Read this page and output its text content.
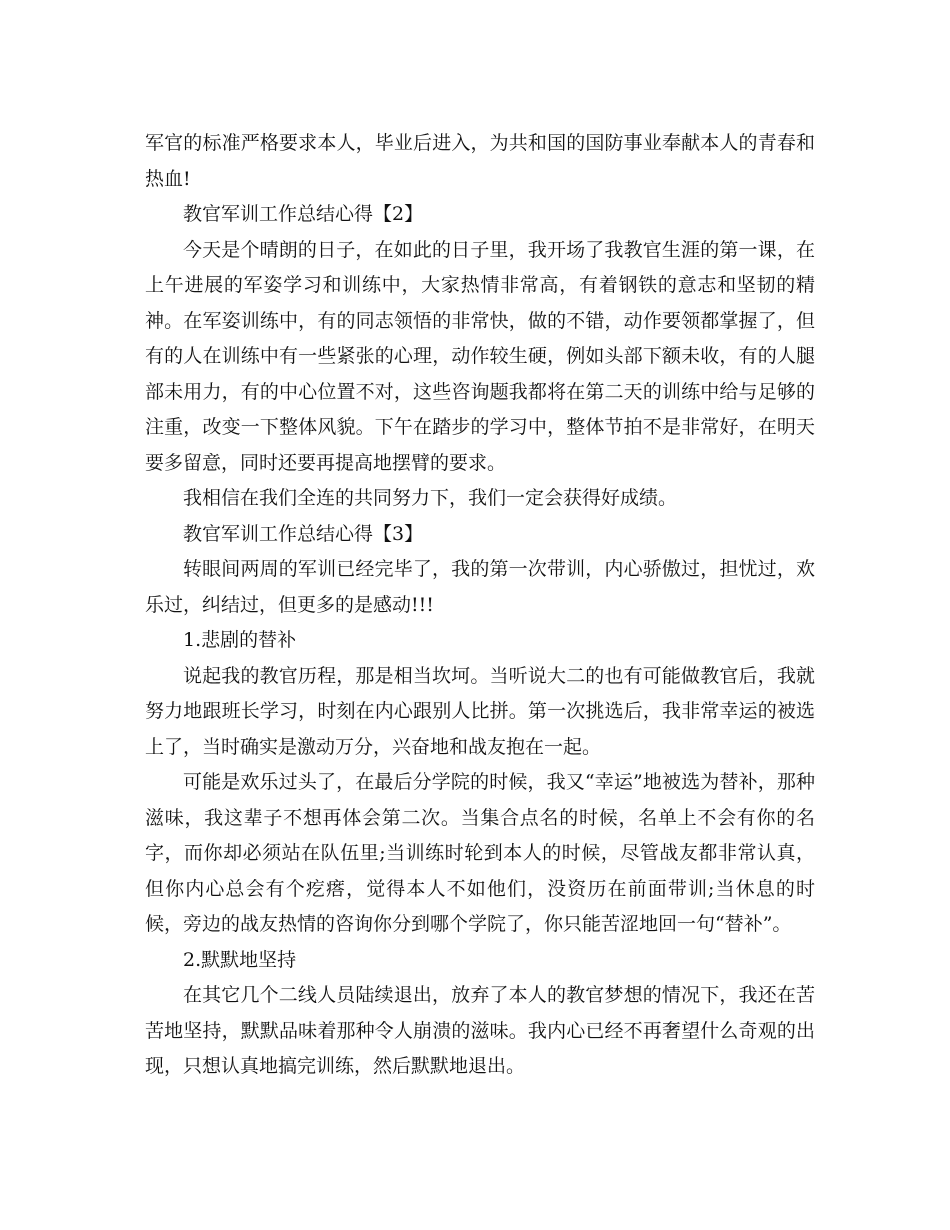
军官的标准严格要求本人，毕业后进入，为共和国的国防事业奉献本人的青春和热血!

教官军训工作总结心得【2】

今天是个晴朗的日子，在如此的日子里，我开场了我教官生涯的第一课，在上午进展的军姿学习和训练中，大家热情非常高，有着钢铁的意志和坚韧的精神。在军姿训练中，有的同志领悟的非常快，做的不错，动作要领都掌握了，但有的人在训练中有一些紧张的心理，动作较生硬，例如头部下额未收，有的人腿部未用力，有的中心位置不对，这些咨询题我都将在第二天的训练中给与足够的注重，改变一下整体风貌。下午在踏步的学习中，整体节拍不是非常好，在明天要多留意，同时还要再提高地摆臂的要求。

我相信在我们全连的共同努力下，我们一定会获得好成绩。

教官军训工作总结心得【3】

转眼间两周的军训已经完毕了，我的第一次带训，内心骄傲过，担忧过，欢乐过，纠结过，但更多的是感动!!!

1.悲剧的替补

说起我的教官历程，那是相当坎坷。当听说大二的也有可能做教官后，我就努力地跟班长学习，时刻在内心跟别人比拼。第一次挑选后，我非常幸运的被选上了，当时确实是激动万分，兴奋地和战友抱在一起。

可能是欢乐过头了，在最后分学院的时候，我又“幸运”地被选为替补，那种滋味，我这辈子不想再体会第二次。当集合点名的时候，名单上不会有你的名字，而你却必须站在队伍里;当训练时轮到本人的时候，尽管战友都非常认真，但你内心总会有个疙瘩，觉得本人不如他们，没资历在前面带训;当休息的时候，旁边的战友热情的咨询你分到哪个学院了，你只能苦涩地回一句“替补”。

2.默默地坚持

在其它几个二线人员陆续退出，放弃了本人的教官梦想的情况下，我还在苦苦地坚持，默默品味着那种令人崩溃的滋味。我内心已经不再奢望什么奇观的出现，只想认真地搞完训练，然后默默地退出。
